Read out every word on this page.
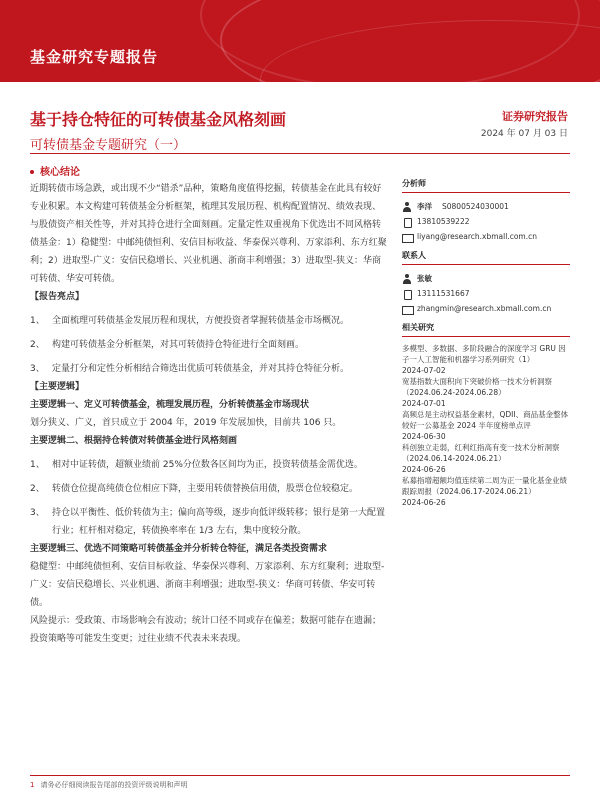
基金研究专题报告
基于持仓特征的可转债基金风格刻画
可转债基金专题研究（一）
证券研究报告
2024 年 07 月 03 日
核心结论

近期转债市场急跌，或出现不少“错杀”品种，策略角度值得挖掘，转债基金在此具有较好专业积累。本文构建可转债基金分析框架，梳理其发展历程、机构配置情况、绩效表现、与股债资产相关性等，并对其持仓进行全面刻画。定量定性双重视角下优选出不同风格转债基金：1）稳健型：中邮纯债恒利、安信目标收益、华泰保兴尊利、万家添利、东方红聚利；2）进取型-广义：安信民稳增长、兴业机遇、浙商丰利增强；3）进取型-狭义：华商可转债、华安可转债。

【报告亮点】

1、 全面梳理可转债基金发展历程和现状，方便投资者掌握转债基金市场概况。
2、 构建可转债基金分析框架，对其可转债持仓特征进行全面刻画。
3、 定量打分和定性分析相结合筛选出优质可转债基金，并对其持仓特征分析。

【主要逻辑】

主要逻辑一、定义可转债基金，梳理发展历程，分析转债基金市场现状

划分狭义、广义，首只成立于 2004 年，2019 年发展加快，目前共 106 只。

主要逻辑二、根据持仓转债对转债基金进行风格刻画

1、 相对中证转债，超额业绩前 25%分位数各区间均为正，投资转债基金需优选。
2、 转债仓位提高纯债仓位相应下降，主要用转债替换信用债，股票仓位较稳定。
3、 持仓以平衡性、低价转债为主；偏向高等级，逐步向低评级转移；银行是第一大配置行业；杠杆相对稳定，转债换率率在 1/3 左右，集中度较分散。

主要逻辑三、优选不同策略可转债基金并分析转仓特征，满足各类投资需求

稳健型：中邮纯债恒利、安信目标收益、华泰保兴尊利、万家添利、东方红聚利；进取型-广义：安信民稳增长、兴业机遇、浙商丰利增强；进取型-狭义：华商可转债、华安可转债。

风险提示：受政策、市场影响会有波动；统计口径不同或存在偏差；数据可能存在遗漏；投资策略等可能发生变更；过往业绩不代表未来表现。

分析师
李洋 S0800524030001
13810539222
liyang@research.xbmall.com.cn
联系人
张敏
13111531667
zhangmin@research.xbmall.com.cn
相关研究
多模型、多数据、多阶段融合的深度学习 GRU 因子一人工智能和机器学习系列研究（1）
2024-07-02
宽基指数大面积向下突破价格一技术分析洞察（2024.06.24-2024.06.28）
2024-07-01
高频总是主动权益基金素材，QDII、商品基金整体较好一公募基金 2024 半年度榜单点评
2024-06-30
科创独立走弱，红利红指高有变一技术分析洞察（2024.06.14-2024.06.21）
2024-06-26
私募指增超额均值连续第二周为正一量化基金业绩跟踪周报（2024.06.17-2024.06.21）
2024-06-26
1 请务必仔细阅读报告尾部的投资评级说明和声明
